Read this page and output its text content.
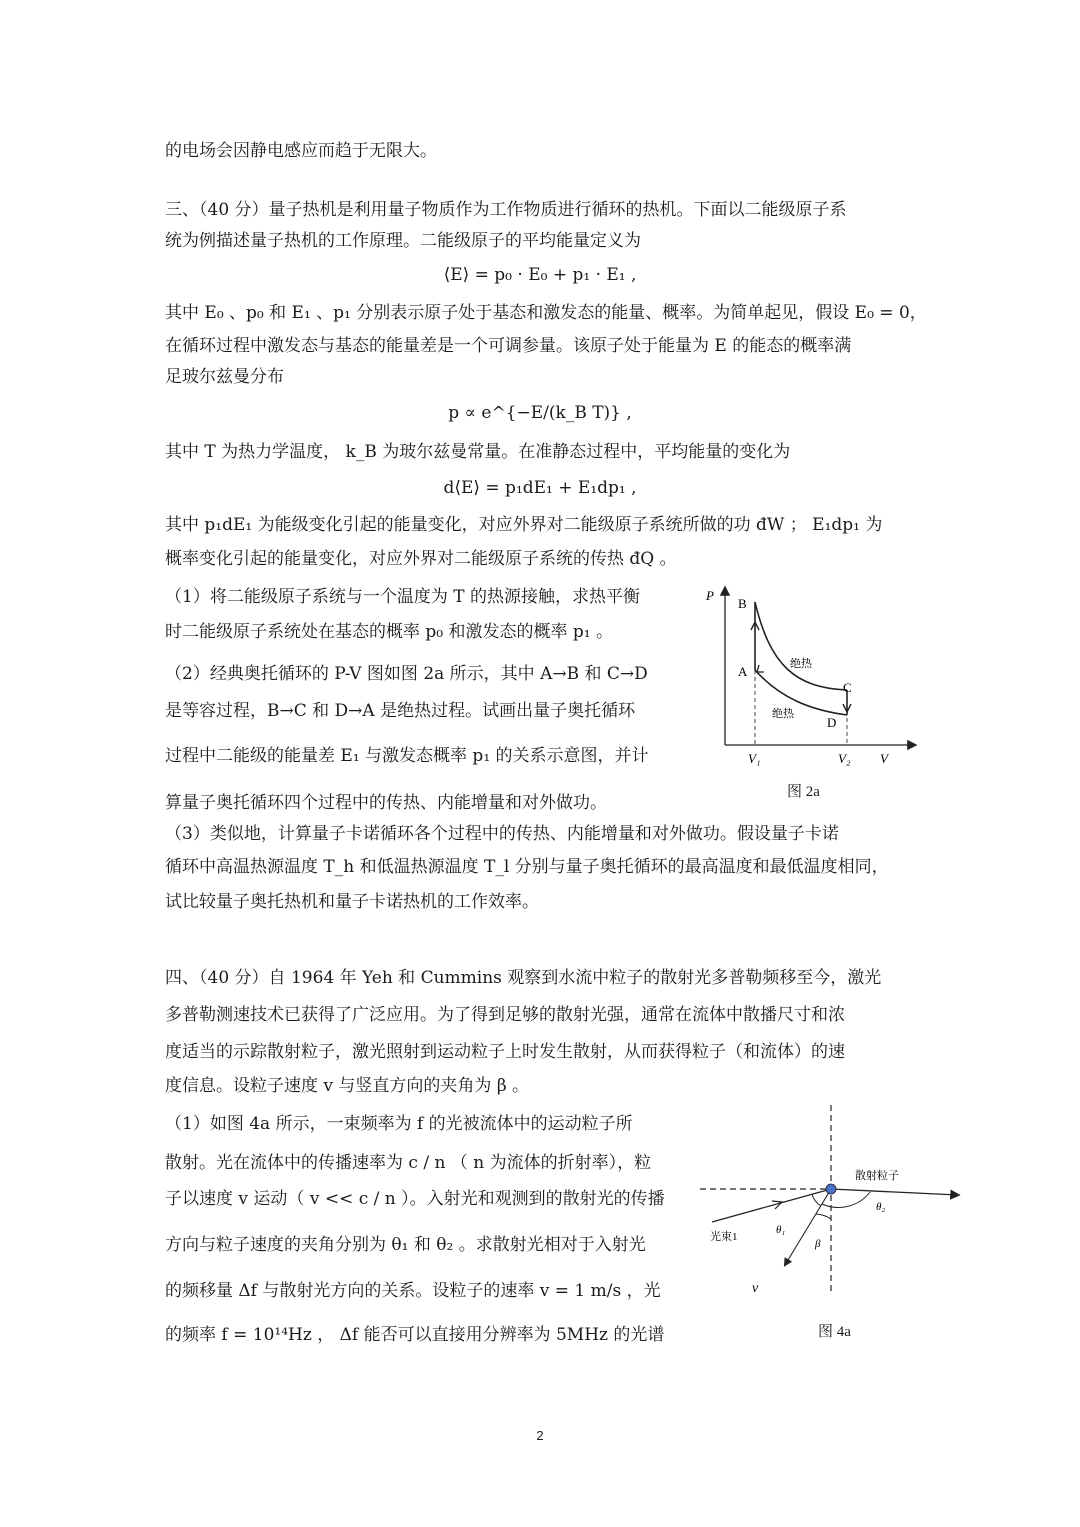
的电场会因静电感应而趋于无限大。
三、（40 分）量子热机是利用量子物质作为工作物质进行循环的热机。下面以二能级原子系
统为例描述量子热机的工作原理。二能级原子的平均能量定义为
⟨E⟩ = p₀ · E₀ + p₁ · E₁ ,
其中 E₀ 、p₀ 和 E₁ 、p₁ 分别表示原子处于基态和激发态的能量、概率。为简单起见，假设 E₀ = 0，
在循环过程中激发态与基态的能量差是一个可调参量。该原子处于能量为 E 的能态的概率满
足玻尔兹曼分布
p ∝ e^{−E/(k_B T)} ,
其中 T 为热力学温度， k_B 为玻尔兹曼常量。在准静态过程中，平均能量的变化为
d⟨E⟩ = p₁dE₁ + E₁dp₁ ,
其中 p₁dE₁ 为能级变化引起的能量变化，对应外界对二能级原子系统所做的功 đW ； E₁dp₁ 为
概率变化引起的能量变化，对应外界对二能级原子系统的传热 đQ 。
（1）将二能级原子系统与一个温度为 T 的热源接触，求热平衡
时二能级原子系统处在基态的概率 p₀ 和激发态的概率 p₁ 。
（2）经典奥托循环的 P-V 图如图 2a 所示，其中 A→B 和 C→D
是等容过程，B→C 和 D→A 是绝热过程。试画出量子奥托循环
过程中二能级的能量差 E₁ 与激发态概率 p₁ 的关系示意图，并计
算量子奥托循环四个过程中的传热、内能增量和对外做功。
（3）类似地，计算量子卡诺循环各个过程中的传热、内能增量和对外做功。假设量子卡诺
循环中高温热源温度 T_h 和低温热源温度 T_l 分别与量子奥托循环的最高温度和最低温度相同，
试比较量子奥托热机和量子卡诺热机的工作效率。
四、（40 分）自 1964 年 Yeh 和 Cummins 观察到水流中粒子的散射光多普勒频移至今，激光
多普勒测速技术已获得了广泛应用。为了得到足够的散射光强，通常在流体中散播尺寸和浓
度适当的示踪散射粒子，激光照射到运动粒子上时发生散射，从而获得粒子（和流体）的速
度信息。设粒子速度 v 与竖直方向的夹角为 β 。
（1）如图 4a 所示，一束频率为 f 的光被流体中的运动粒子所
散射。光在流体中的传播速率为 c / n （ n 为流体的折射率），粒
子以速度 v 运动（ v << c / n ）。入射光和观测到的散射光的传播
方向与粒子速度的夹角分别为 θ₁ 和 θ₂ 。求散射光相对于入射光
的频移量 Δf 与散射光方向的关系。设粒子的速率 v = 1 m/s ，光
的频率 f = 10¹⁴Hz ， Δf 能否可以直接用分辨率为 5MHz 的光谱
P
B
A
C
D
绝热
绝热
V₁	V₂ V
图 2a
散射粒子
θ₂
光束1
θ₁
β
v
图 4a
2
